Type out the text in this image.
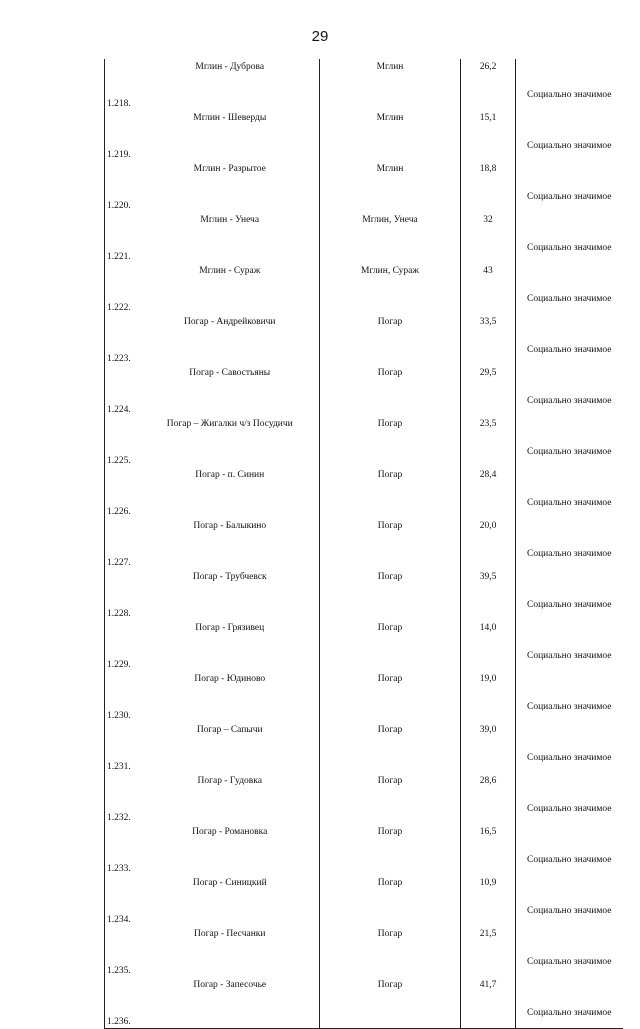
29
1.218.	Мглин - Дуброва	Мглин	26,2	Социально значимое
1.219.	Мглин - Шеверды	Мглин	15,1	Социально значимое
1.220.	Мглин - Разрытое	Мглин	18,8	Социально значимое
1.221.	Мглин - Унеча	Мглин, Унеча	32	Социально значимое
1.222.	Мглин - Сураж	Мглин, Сураж	43	Социально значимое
1.223.	Погар - Андрейковичи	Погар	33,5	Социально значимое
1.224.	Погар - Савостьяны	Погар	29,5	Социально значимое
1.225.	Погар – Жигалки ч/з Посудичи	Погар	23,5	Социально значимое
1.226.	Погар - п. Синин	Погар	28,4	Социально значимое
1.227.	Погар - Балыкино	Погар	20,0	Социально значимое
1.228.	Погар - Трубчевск	Погар	39,5	Социально значимое
1.229.	Погар - Грязивец	Погар	14,0	Социально значимое
1.230.	Погар - Юдиново	Погар	19,0	Социально значимое
1.231.	Погар – Сапычи	Погар	39,0	Социально значимое
1.232.	Погар - Гудовка	Погар	28,6	Социально значимое
1.233.	Погар - Романовка	Погар	16,5	Социально значимое
1.234.	Погар - Синицкий	Погар	10,9	Социально значимое
1.235.	Погар - Песчанки	Погар	21,5	Социально значимое
1.236.	Погар - Запесочье	Погар	41,7	Социально значимое
